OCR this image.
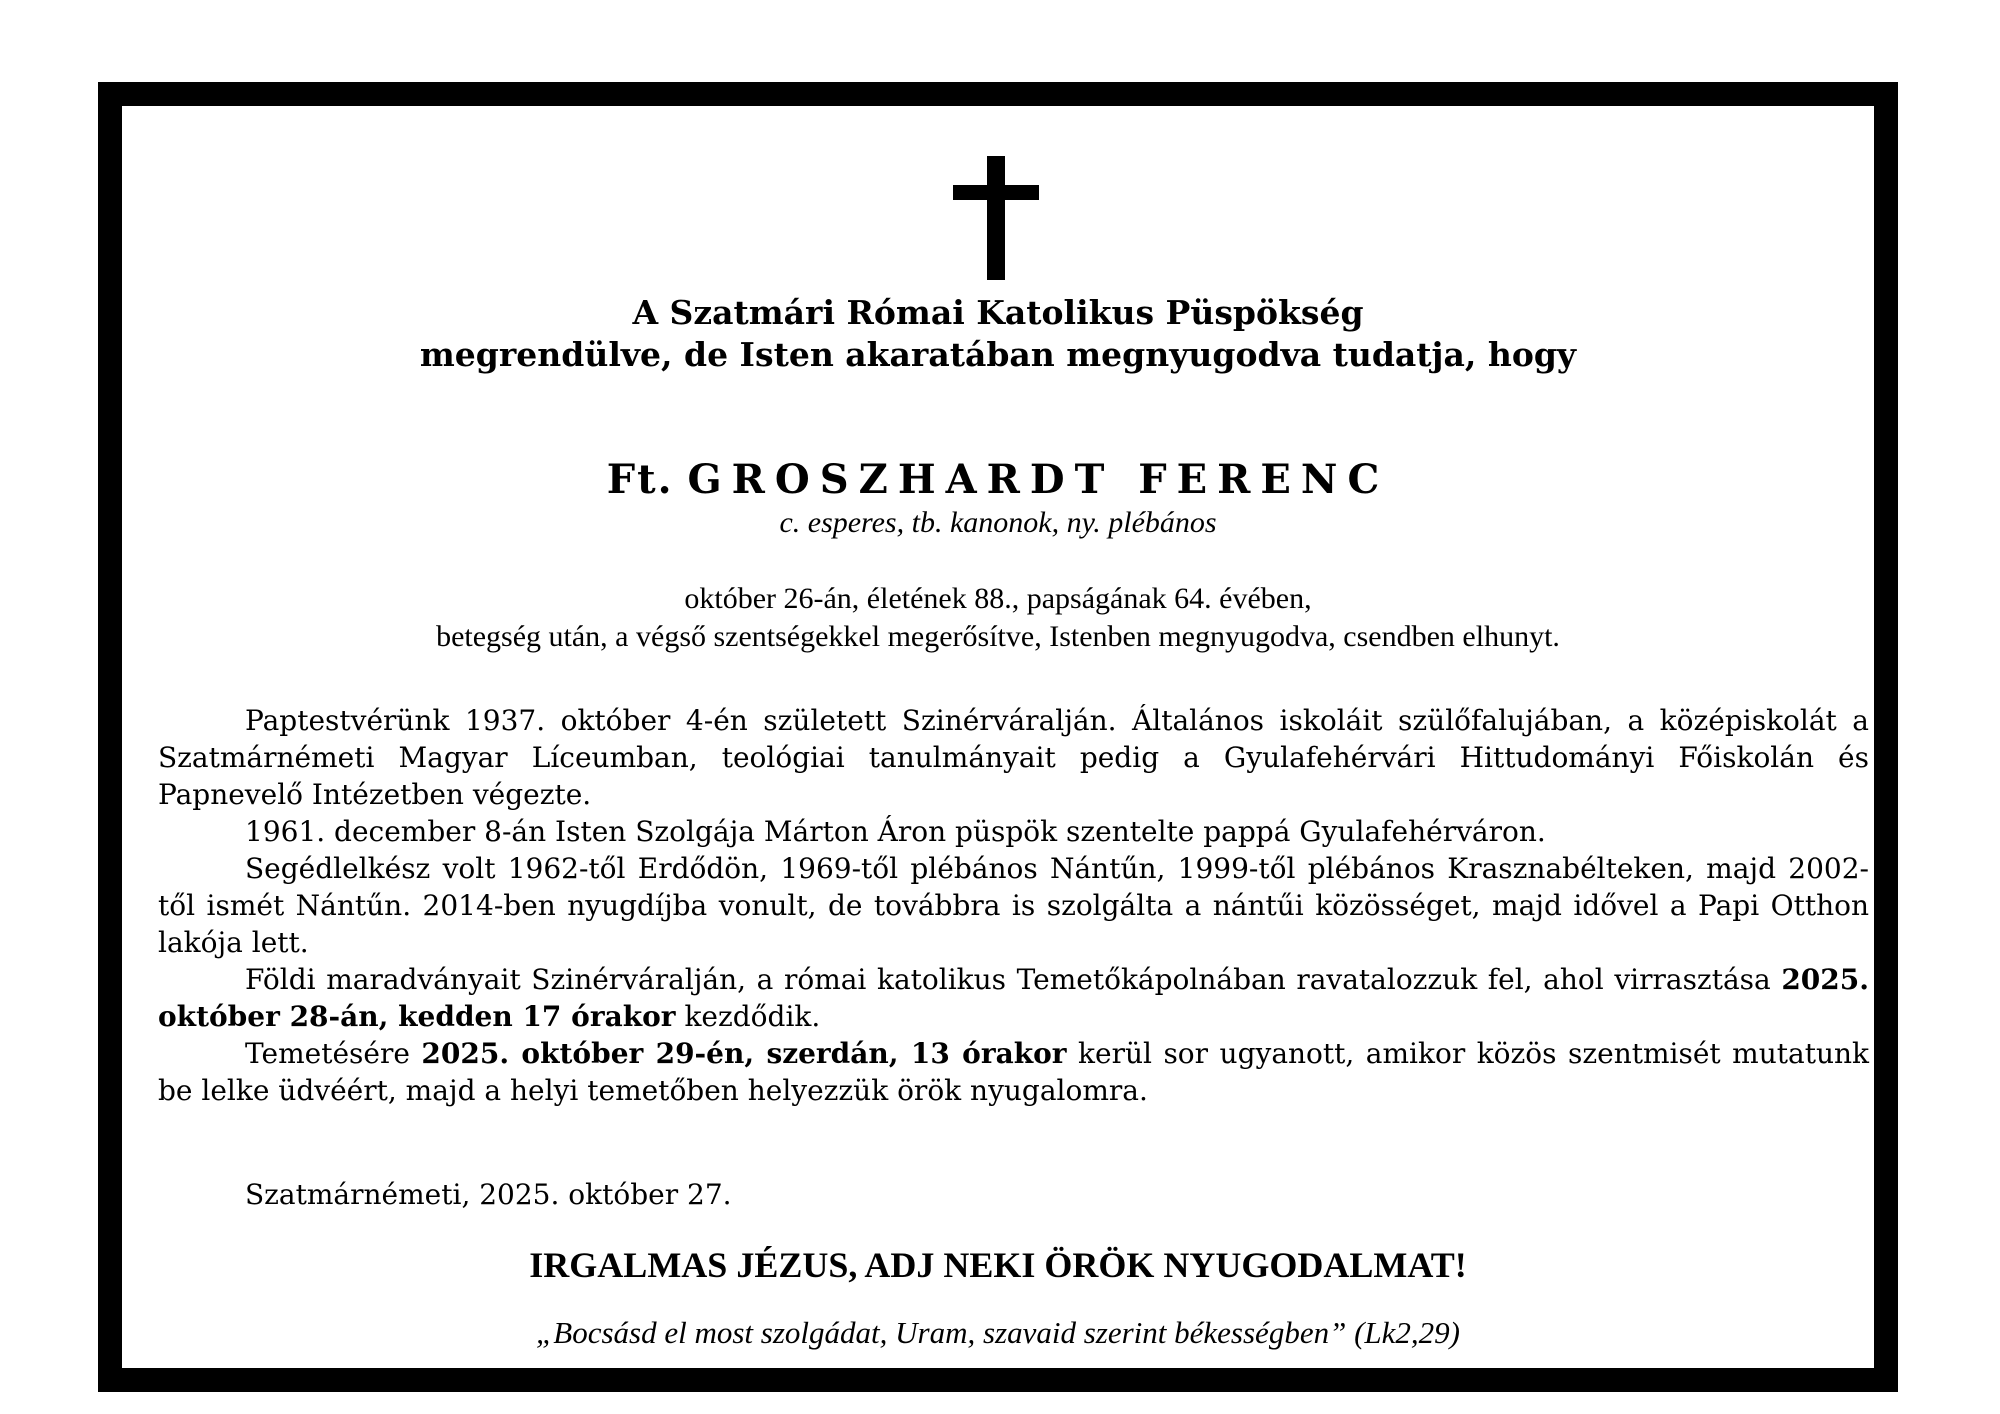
A Szatmári Római Katolikus Püspökség
megrendülve, de Isten akaratában megnyugodva tudatja, hogy
Ft. GROSZHARDT FERENC
c. esperes, tb. kanonok, ny. plébános
október 26-án, életének 88., papságának 64. évében,
betegség után, a végső szentségekkel megerősítve, Istenben megnyugodva, csendben elhunyt.

Paptestvérünk 1937. október 4-én született Szinérváralján. Általános iskoláit szülőfalujában, a középiskolát a Szatmárnémeti Magyar Líceumban, teológiai tanulmányait pedig a Gyulafehérvári Hittudományi Főiskolán és Papnevelő Intézetben végezte.

1961. december 8-án Isten Szolgája Márton Áron püspök szentelte pappá Gyulafehérváron.

Segédlelkész volt 1962-től Erdődön, 1969-től plébános Nántűn, 1999-től plébános Krasznabélteken, majd 2002-től ismét Nántűn. 2014-ben nyugdíjba vonult, de továbbra is szolgálta a nántűi közösséget, majd idővel a Papi Otthon lakója lett.

Földi maradványait Szinérváralján, a római katolikus Temetőkápolnában ravatalozzuk fel, ahol virrasztása 2025. október 28-án, kedden 17 órakor kezdődik.

Temetésére 2025. október 29-én, szerdán, 13 órakor kerül sor ugyanott, amikor közös szentmisét mutatunk be lelke üdvéért, majd a helyi temetőben helyezzük örök nyugalomra.

Szatmárnémeti, 2025. október 27.
IRGALMAS JÉZUS, ADJ NEKI ÖRÖK NYUGODALMAT!
„Bocsásd el most szolgádat, Uram, szavaid szerint békességben” (Lk2,29)
